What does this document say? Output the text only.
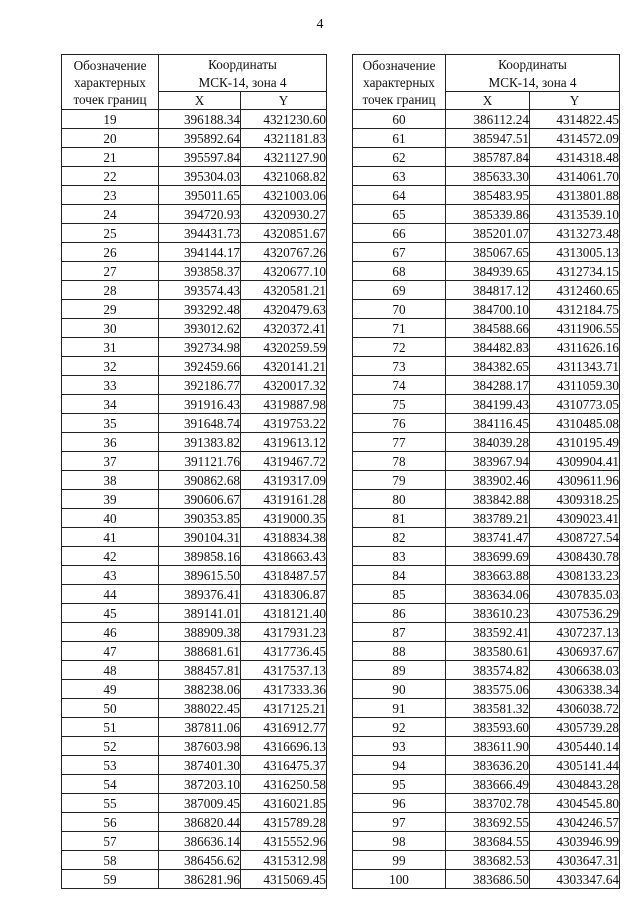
4
Обозначение
характерных
точек границ	Координаты	
	МСК-14, зона 4	
	X	Y
19	396188.34	4321230.60
20	395892.64	4321181.83
21	395597.84	4321127.90
22	395304.03	4321068.82
23	395011.65	4321003.06
24	394720.93	4320930.27
25	394431.73	4320851.67
26	394144.17	4320767.26
27	393858.37	4320677.10
28	393574.43	4320581.21
29	393292.48	4320479.63
30	393012.62	4320372.41
31	392734.98	4320259.59
32	392459.66	4320141.21
33	392186.77	4320017.32
34	391916.43	4319887.98
35	391648.74	4319753.22
36	391383.82	4319613.12
37	391121.76	4319467.72
38	390862.68	4319317.09
39	390606.67	4319161.28
40	390353.85	4319000.35
41	390104.31	4318834.38
42	389858.16	4318663.43
43	389615.50	4318487.57
44	389376.41	4318306.87
45	389141.01	4318121.40
46	388909.38	4317931.23
47	388681.61	4317736.45
48	388457.81	4317537.13
49	388238.06	4317333.36
50	388022.45	4317125.21
51	387811.06	4316912.77
52	387603.98	4316696.13
53	387401.30	4316475.37
54	387203.10	4316250.58
55	387009.45	4316021.85
56	386820.44	4315789.28
57	386636.14	4315552.96
58	386456.62	4315312.98
59	386281.96	4315069.45
Обозначение
характерных
точек границ	Координаты	
	МСК-14, зона 4	
	X	Y
60	386112.24	4314822.45
61	385947.51	4314572.09
62	385787.84	4314318.48
63	385633.30	4314061.70
64	385483.95	4313801.88
65	385339.86	4313539.10
66	385201.07	4313273.48
67	385067.65	4313005.13
68	384939.65	4312734.15
69	384817.12	4312460.65
70	384700.10	4312184.75
71	384588.66	4311906.55
72	384482.83	4311626.16
73	384382.65	4311343.71
74	384288.17	4311059.30
75	384199.43	4310773.05
76	384116.45	4310485.08
77	384039.28	4310195.49
78	383967.94	4309904.41
79	383902.46	4309611.96
80	383842.88	4309318.25
81	383789.21	4309023.41
82	383741.47	4308727.54
83	383699.69	4308430.78
84	383663.88	4308133.23
85	383634.06	4307835.03
86	383610.23	4307536.29
87	383592.41	4307237.13
88	383580.61	4306937.67
89	383574.82	4306638.03
90	383575.06	4306338.34
91	383581.32	4306038.72
92	383593.60	4305739.28
93	383611.90	4305440.14
94	383636.20	4305141.44
95	383666.49	4304843.28
96	383702.78	4304545.80
97	383692.55	4304246.57
98	383684.55	4303946.99
99	383682.53	4303647.31
100	383686.50	4303347.64
